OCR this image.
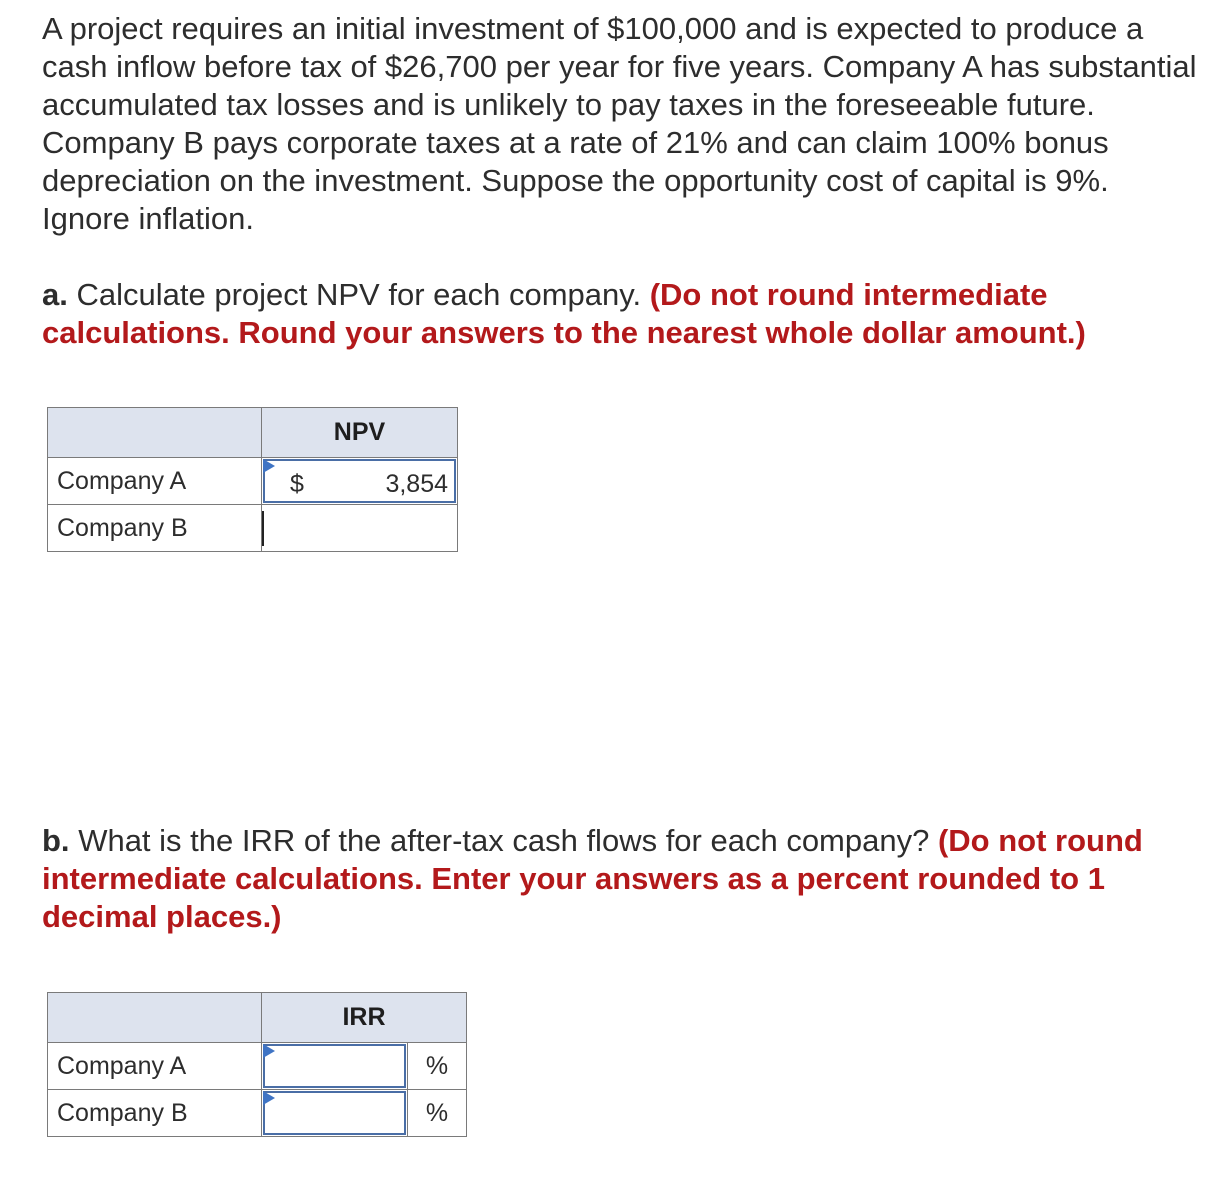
A project requires an initial investment of $100,000 and is expected to produce a cash inflow before tax of $26,700 per year for five years. Company A has substantial accumulated tax losses and is unlikely to pay taxes in the foreseeable future. Company B pays corporate taxes at a rate of 21% and can claim 100% bonus depreciation on the investment. Suppose the opportunity cost of capital is 9%. Ignore inflation.

a. Calculate project NPV for each company. (Do not round intermediate calculations. Round your answers to the nearest whole dollar amount.)

	NPV
Company A	$ 3,854

Company B	

b. What is the IRR of the after-tax cash flows for each company? (Do not round intermediate calculations. Enter your answers as a percent rounded to 1 decimal places.)

	IRR	
Company A		%
Company B		%
